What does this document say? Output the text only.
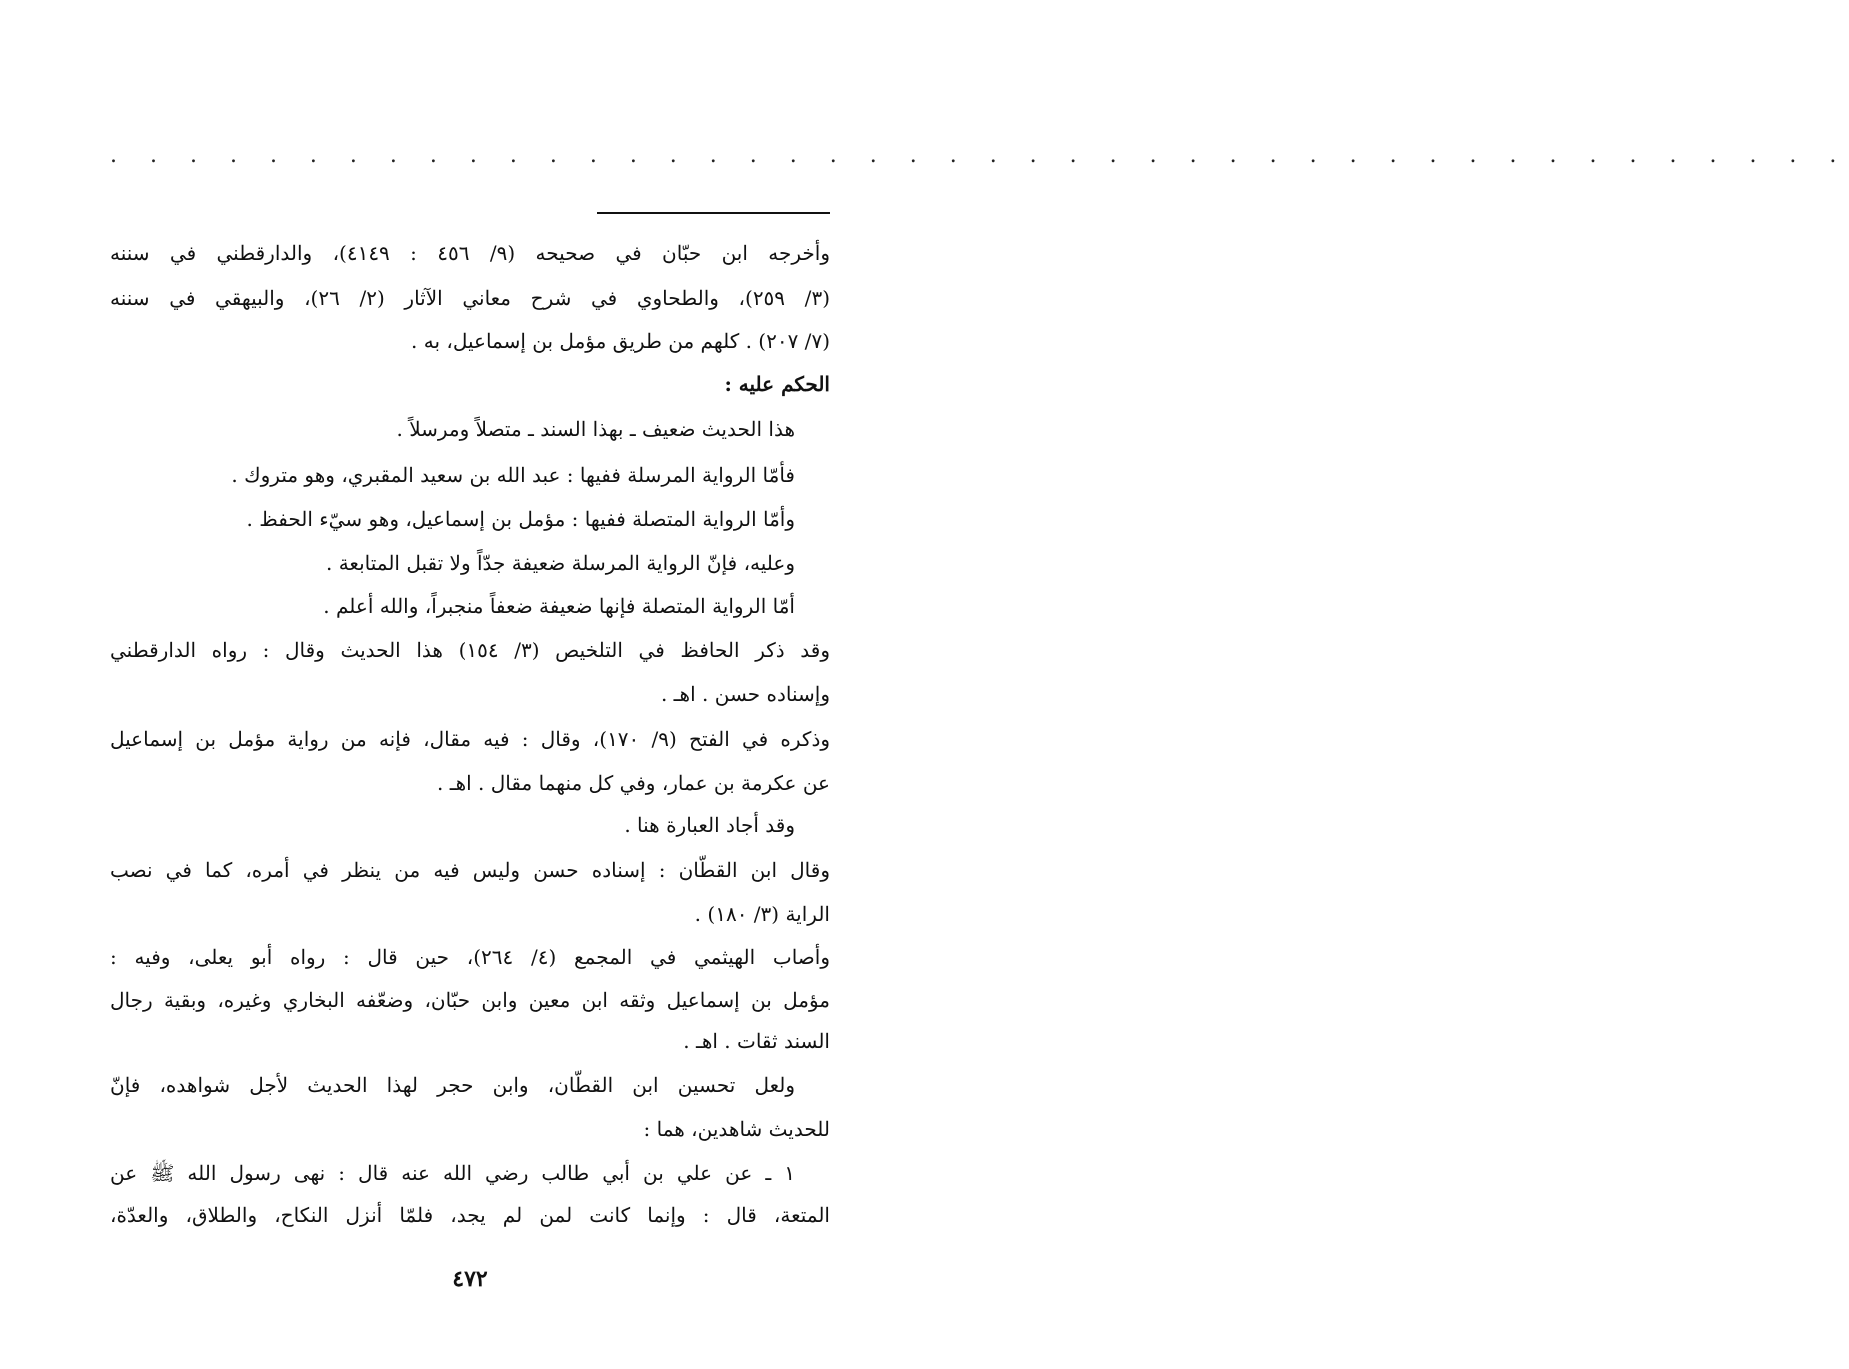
. . . . . . . . . . . . . . . . . . . . . . . . . . . . . . . . . . . . . . . . . . . .
وأخرجه ابن حبّان في صحيحه (٩/ ٤٥٦ : ٤١٤٩)، والدارقطني في سننه
(٣/ ٢٥٩)، والطحاوي في شرح معاني الآثار (٢/ ٢٦)، والبيهقي في سننه
(٧/ ٢٠٧) . كلهم من طريق مؤمل بن إسماعيل، به .
الحكم عليه :
هذا الحديث ضعيف ـ بهذا السند ـ متصلاً ومرسلاً .
فأمّا الرواية المرسلة ففيها : عبد الله بن سعيد المقبري، وهو متروك .
وأمّا الرواية المتصلة ففيها : مؤمل بن إسماعيل، وهو سيّء الحفظ .
وعليه، فإنّ الرواية المرسلة ضعيفة جدّاً ولا تقبل المتابعة .
أمّا الرواية المتصلة فإنها ضعيفة ضعفاً منجبراً، والله أعلم .
وقد ذكر الحافظ في التلخيص (٣/ ١٥٤) هذا الحديث وقال : رواه الدارقطني
وإسناده حسن . اهـ .
وذكره في الفتح (٩/ ١٧٠)، وقال : فيه مقال، فإنه من رواية مؤمل بن إسماعيل
عن عكرمة بن عمار، وفي كل منهما مقال . اهـ .
وقد أجاد العبارة هنا .
وقال ابن القطّان : إسناده حسن وليس فيه من ينظر في أمره، كما في نصب
الراية (٣/ ١٨٠) .
وأصاب الهيثمي في المجمع (٤/ ٢٦٤)، حين قال : رواه أبو يعلى، وفيه :
مؤمل بن إسماعيل وثقه ابن معين وابن حبّان، وضعّفه البخاري وغيره، وبقية رجال
السند ثقات . اهـ .
ولعل تحسين ابن القطّان، وابن حجر لهذا الحديث لأجل شواهده، فإنّ
للحديث شاهدين، هما :
١ ـ عن علي بن أبي طالب رضي الله عنه قال : نهى رسول الله ﷺ عن
المتعة، قال : وإنما كانت لمن لم يجد، فلمّا أنزل النكاح، والطلاق، والعدّة،
٤٧٢
